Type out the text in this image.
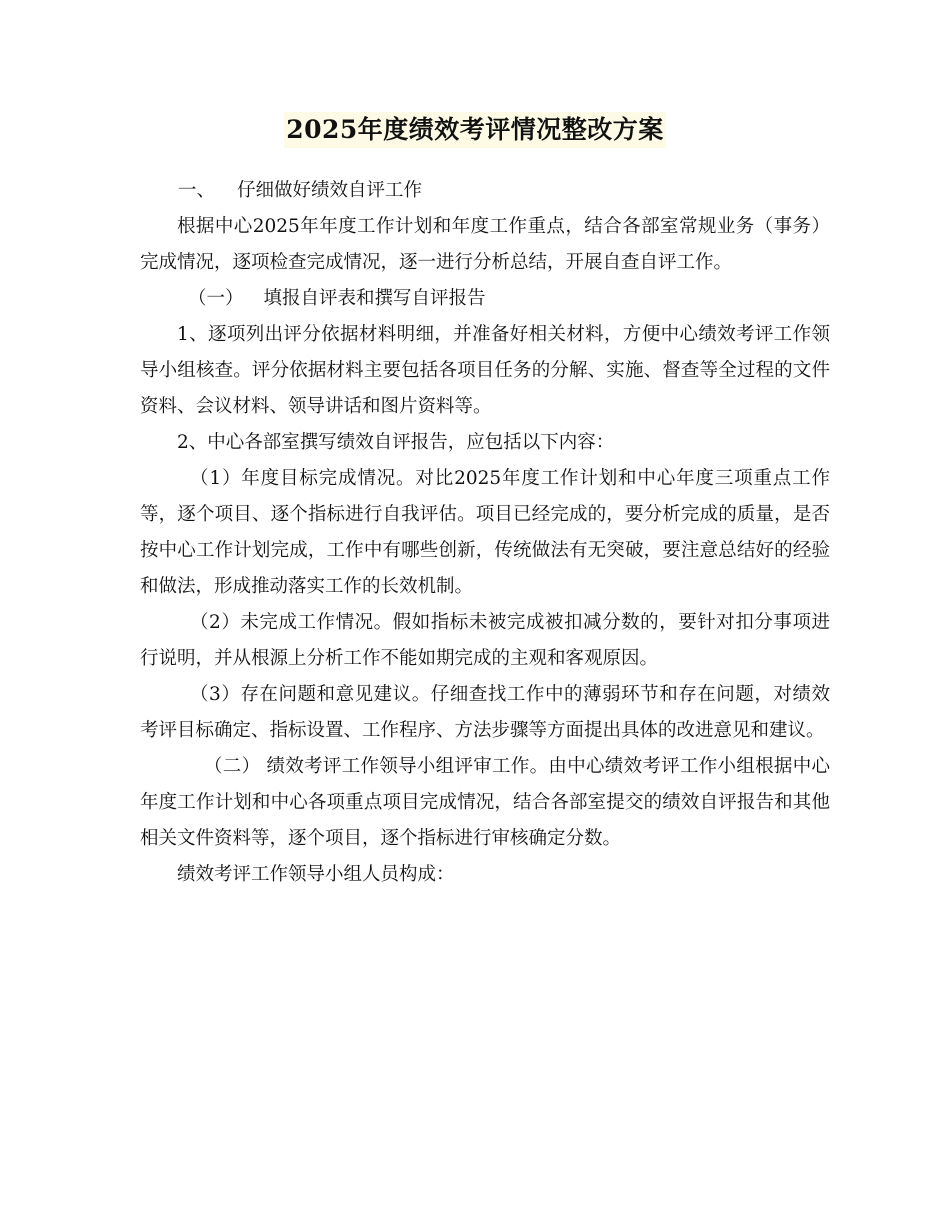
2025年度绩效考评情况整改方案

一、 仔细做好绩效自评工作

根据中心2025年年度工作计划和年度工作重点，结合各部室常规业务（事务）完成情况，逐项检查完成情况，逐一进行分析总结，开展自查自评工作。

（一） 填报自评表和撰写自评报告

1、逐项列出评分依据材料明细，并准备好相关材料，方便中心绩效考评工作领导小组核查。评分依据材料主要包括各项目任务的分解、实施、督查等全过程的文件资料、会议材料、领导讲话和图片资料等。

2、中心各部室撰写绩效自评报告，应包括以下内容：

（1）年度目标完成情况。对比2025年度工作计划和中心年度三项重点工作等，逐个项目、逐个指标进行自我评估。项目已经完成的，要分析完成的质量，是否按中心工作计划完成，工作中有哪些创新，传统做法有无突破，要注意总结好的经验和做法，形成推动落实工作的长效机制。

（2）未完成工作情况。假如指标未被完成被扣减分数的，要针对扣分事项进行说明，并从根源上分析工作不能如期完成的主观和客观原因。

（3）存在问题和意见建议。仔细查找工作中的薄弱环节和存在问题，对绩效考评目标确定、指标设置、工作程序、方法步骤等方面提出具体的改进意见和建议。

（二） 绩效考评工作领导小组评审工作。由中心绩效考评工作小组根据中心年度工作计划和中心各项重点项目完成情况，结合各部室提交的绩效自评报告和其他相关文件资料等，逐个项目，逐个指标进行审核确定分数。

绩效考评工作领导小组人员构成：
